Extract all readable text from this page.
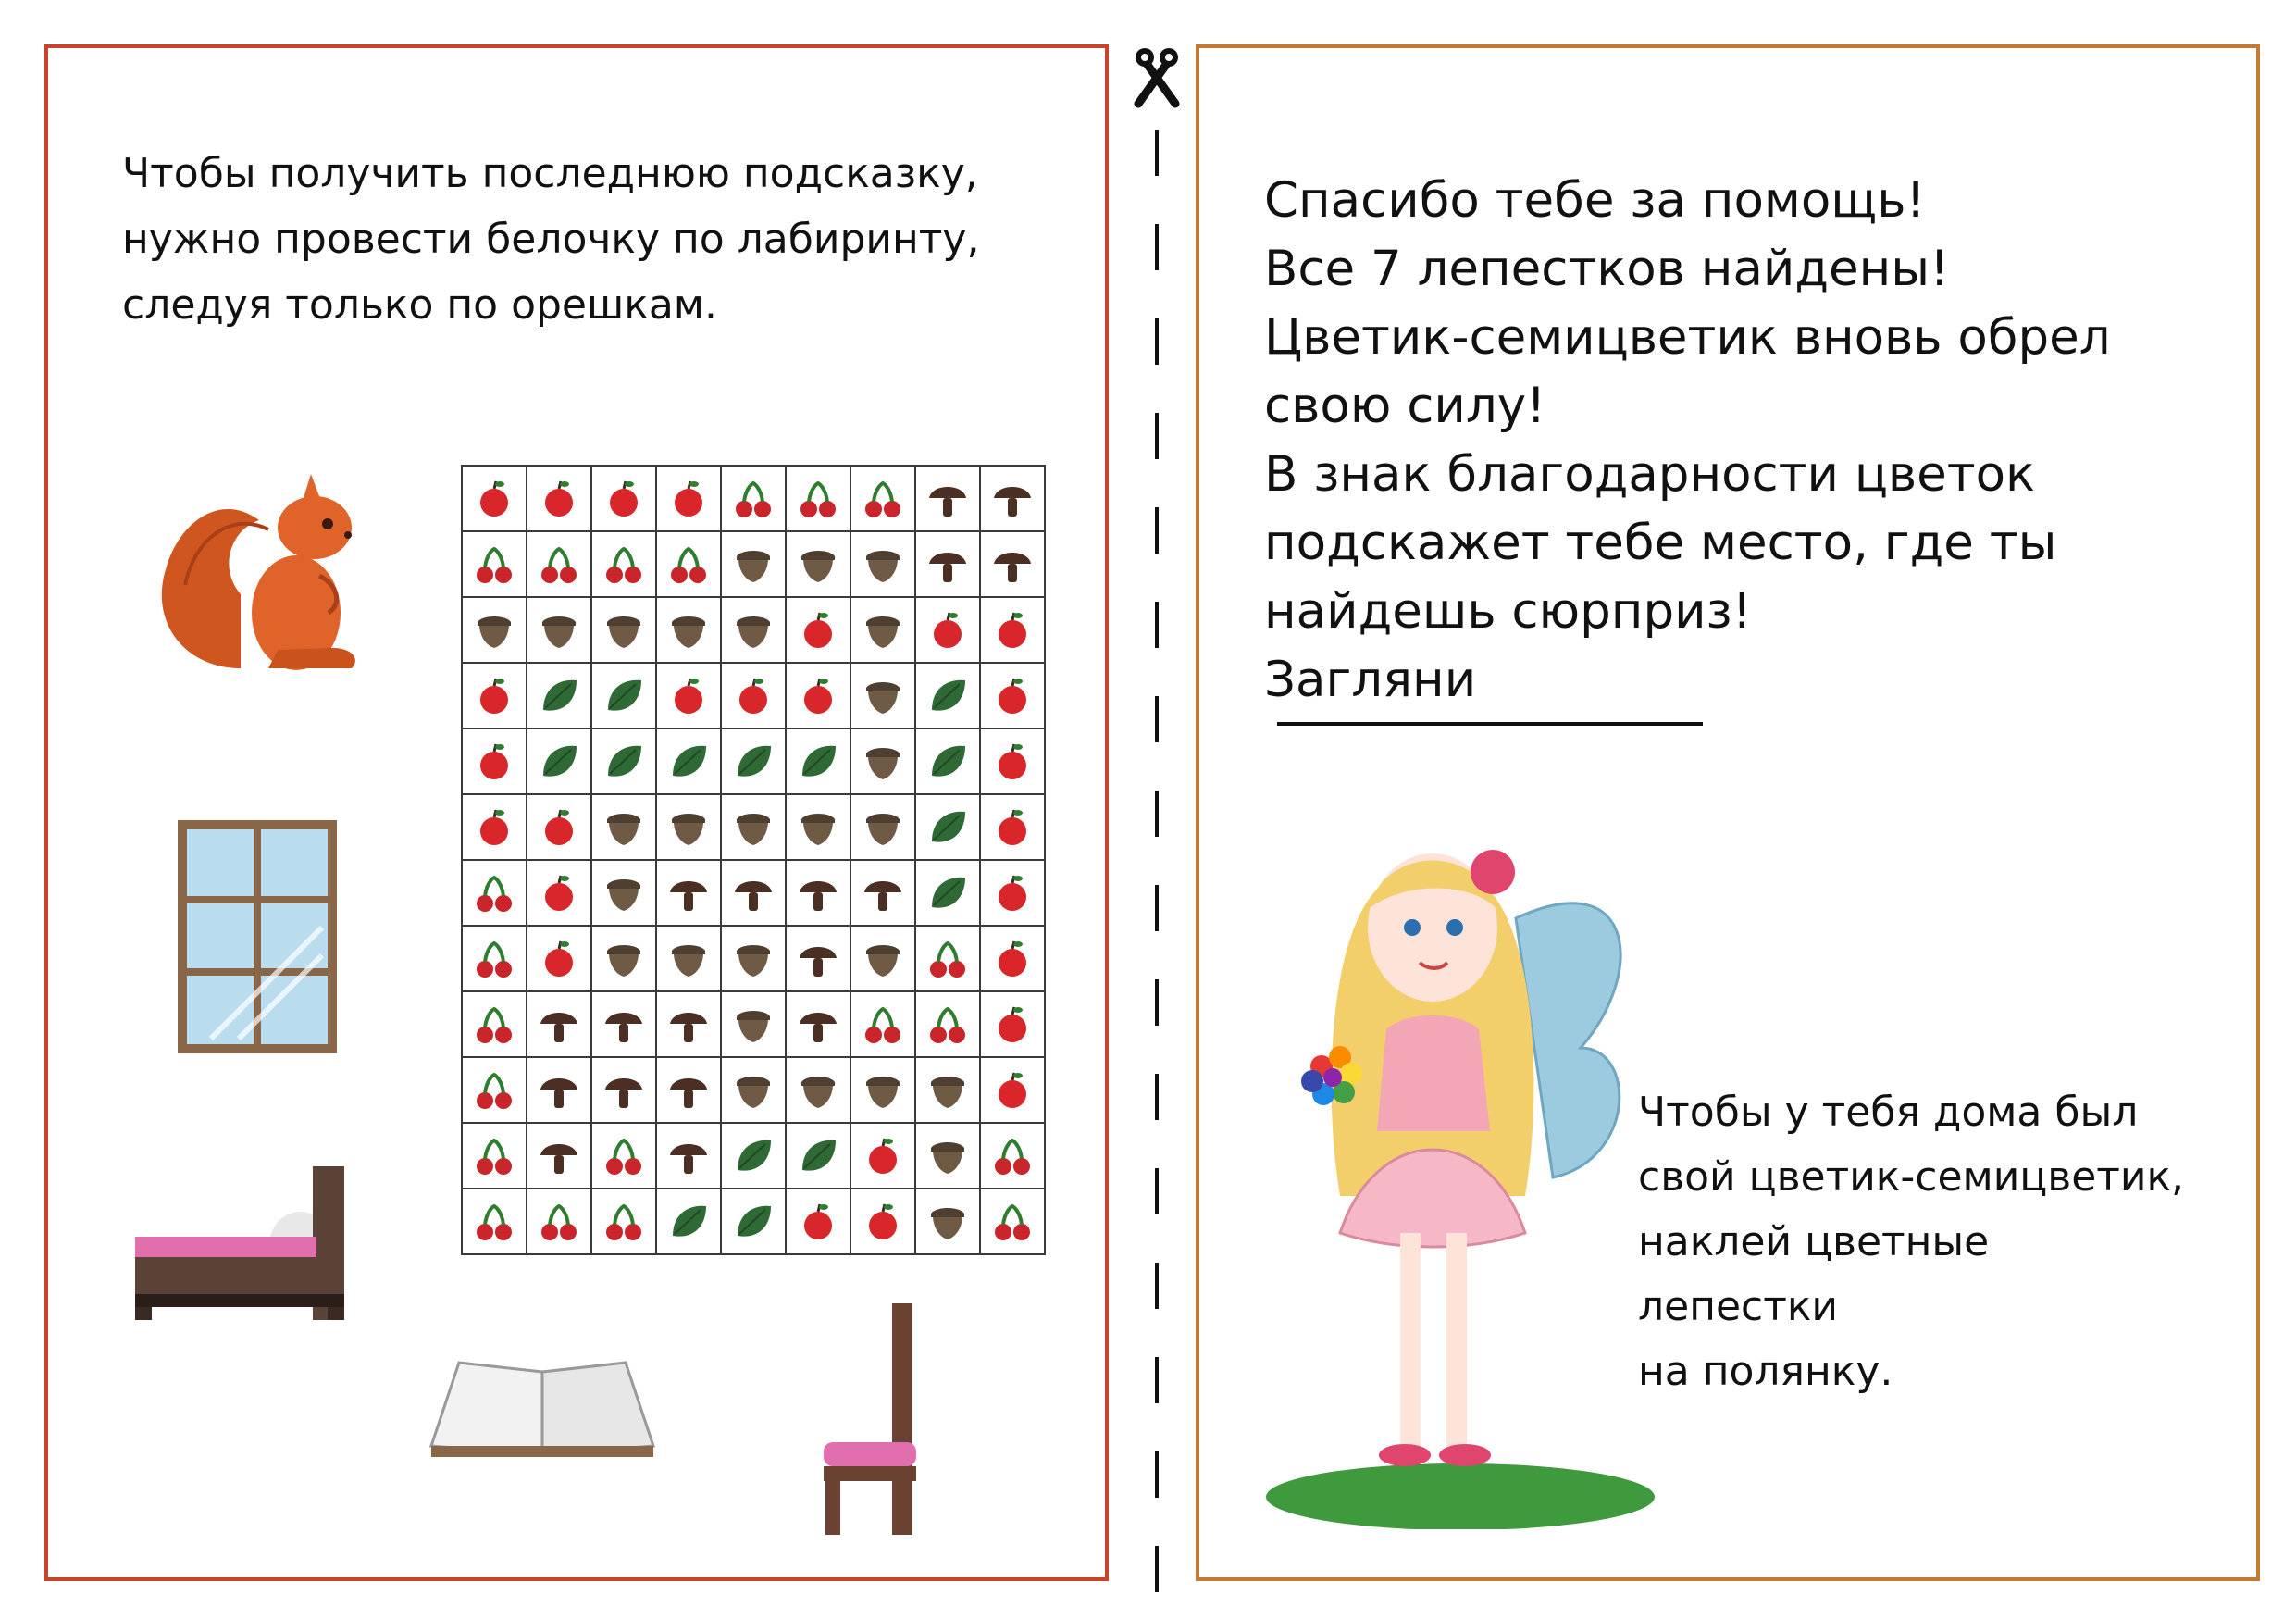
Чтобы получить последнюю подсказку,
нужно провести белочку по лабиринту,
следуя только по орешкам.

Спасибо тебе за помощь!
Все 7 лепестков найдены!
Цветик-семицветик вновь обрел
свою силу!
В знак благодарности цветок
подскажет тебе место, где ты
найдешь сюрприз!
Загляни

Чтобы у тебя дома был
свой цветик-семицветик,
наклей цветные лепестки
на полянку.
